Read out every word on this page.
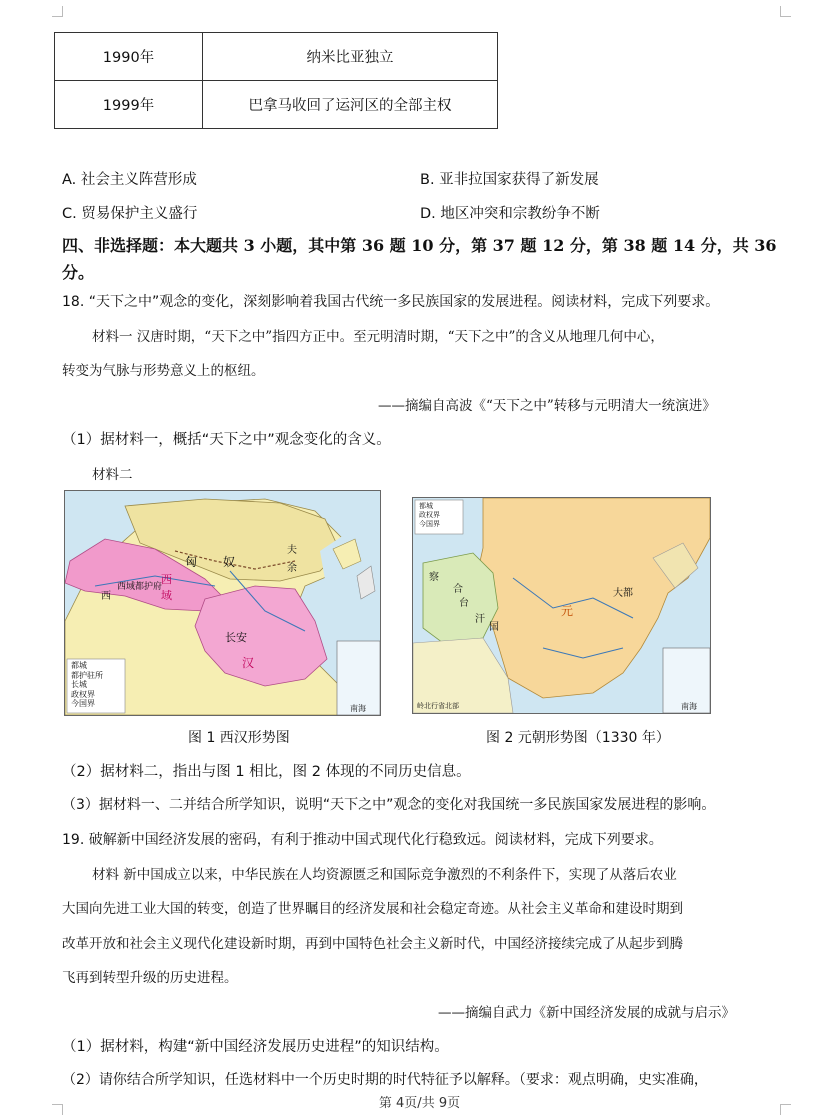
1990年	纳米比亚独立
1999年	巴拿马收回了运河区的全部主权
A. 社会主义阵营形成	B. 亚非拉国家获得了新发展
C. 贸易保护主义盛行	D. 地区冲突和宗教纷争不断
四、非选择题：本大题共 3 小题，其中第 36 题 10 分，第 37 题 12 分，第 38 题 14 分，共 36
分。
18. “天下之中”观念的变化，深刻影响着我国古代统一多民族国家的发展进程。阅读材料，完成下列要求。
材料一 汉唐时期，“天下之中”指四方正中。至元明清时期，“天下之中”的含义从地理几何中心，
转变为气脉与形势意义上的枢纽。
——摘编自高波《“天下之中”转移与元明清大一统演进》
（1）据材料一，概括“天下之中”观念变化的含义。
材料二
匈 奴
夫
余
西
域
西域都护府
西
长安
汉
南海
都城
都护驻所
长城
政权界
今国界
察
合
台
汗
国
大都
元
岭北行省北部	南海
都城
政权界
今国界
图 1 西汉形势图	图 2 元朝形势图（1330 年）
（2）据材料二，指出与图 1 相比，图 2 体现的不同历史信息。
（3）据材料一、二并结合所学知识，说明“天下之中”观念的变化对我国统一多民族国家发展进程的影响。
19. 破解新中国经济发展的密码，有利于推动中国式现代化行稳致远。阅读材料，完成下列要求。
材料 新中国成立以来，中华民族在人均资源匮乏和国际竞争激烈的不利条件下，实现了从落后农业
大国向先进工业大国的转变，创造了世界瞩目的经济发展和社会稳定奇迹。从社会主义革命和建设时期到
改革开放和社会主义现代化建设新时期，再到中国特色社会主义新时代，中国经济接续完成了从起步到腾
飞再到转型升级的历史进程。
——摘编自武力《新中国经济发展的成就与启示》
（1）据材料，构建“新中国经济发展历史进程”的知识结构。
（2）请你结合所学知识，任选材料中一个历史时期的时代特征予以解释。（要求：观点明确，史实准确，
第 4页/共 9页
